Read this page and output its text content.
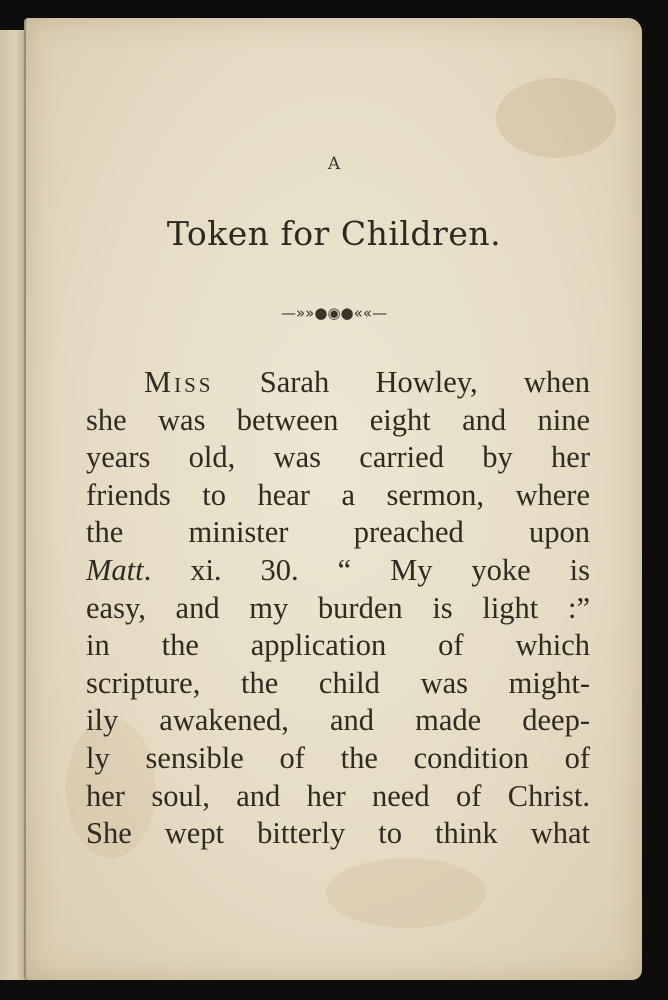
A
Token for Children.
—»»●◉●««—
Miss Sarah Howley, when
she was between eight and nine
years old, was carried by her
friends to hear a sermon, where
the minister preached upon
Matt. xi. 30. “ My yoke is
easy, and my burden is light :”
in the application of which
scripture, the child was might-
ily awakened, and made deep-
ly sensible of the condition of
her soul, and her need of Christ.
She wept bitterly to think what
